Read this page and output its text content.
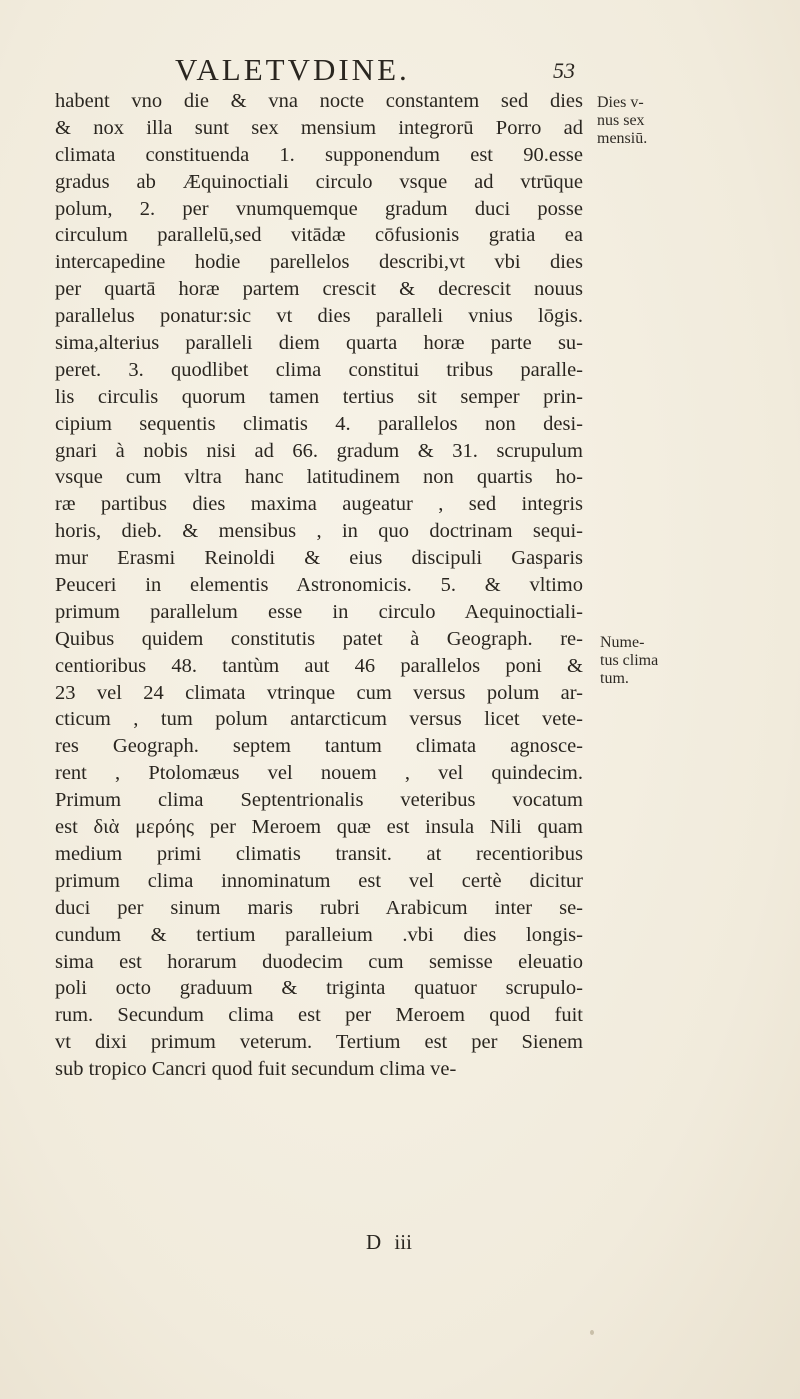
VALETVDINE.	53
habent vno die & vna nocte constantem sed dies
& nox illa sunt sex mensium integrorū Porro ad
climata constituenda 1. supponendum est 90.esse
gradus ab Æquinoctiali circulo vsque ad vtrūque
polum, 2. per vnumquemque gradum duci posse
circulum parallelū,sed vitādæ cōfusionis gratia ea
intercapedine hodie parellelos describi,vt vbi dies
per quartā horæ partem crescit & decrescit nouus
parallelus ponatur:sic vt dies paralleli vnius lōgis.
sima,alterius paralleli diem quarta horæ parte su-
peret. 3. quodlibet clima constitui tribus paralle-
lis circulis quorum tamen tertius sit semper prin-
cipium sequentis climatis 4. parallelos non desi-
gnari à nobis nisi ad 66. gradum & 31. scrupulum
vsque cum vltra hanc latitudinem non quartis ho-
ræ partibus dies maxima augeatur , sed integris
horis, dieb. & mensibus , in quo doctrinam sequi-
mur Erasmi Reinoldi & eius discipuli Gasparis
Peuceri in elementis Astronomicis. 5. & vltimo
primum parallelum esse in circulo Aequinoctiali-
Quibus quidem constitutis patet à Geograph. re-
centioribus 48. tantùm aut 46 parallelos poni &
23 vel 24 climata vtrinque cum versus polum ar-
cticum , tum polum antarcticum versus licet vete-
res Geograph. septem tantum climata agnosce-
rent , Ptolomæus vel nouem , vel quindecim.
Primum clima Septentrionalis veteribus vocatum
est διὰ μερόης per Meroem quæ est insula Nili quam
medium primi climatis transit. at recentioribus
primum clima innominatum est vel certè dicitur
duci per sinum maris rubri Arabicum inter se-
cundum & tertium paralleium .vbi dies longis-
sima est horarum duodecim cum semisse eleuatio
poli octo graduum & triginta quatuor scrupulo-
rum. Secundum clima est per Meroem quod fuit
vt dixi primum veterum. Tertium est per Sienem
sub tropico Cancri quod fuit secundum clima ve-
D iii
Dies v-
nus sex
mensiū.
Nume-
tus clima
tum.
